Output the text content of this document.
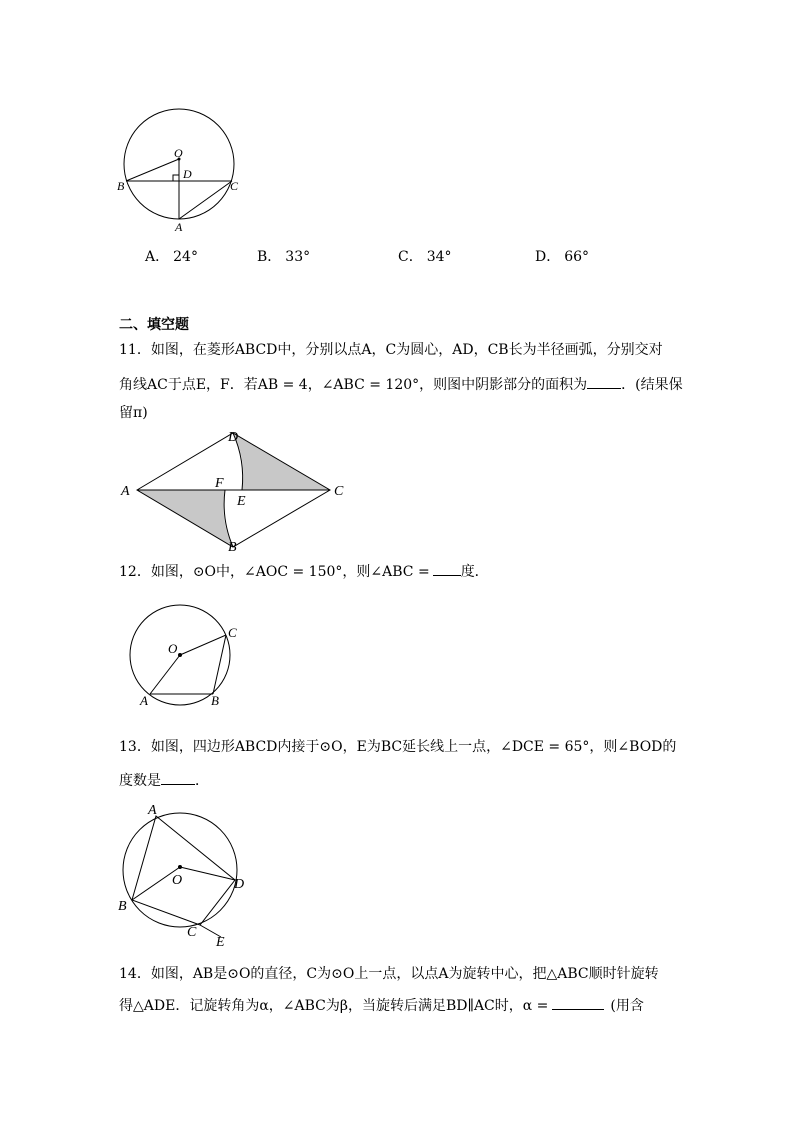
O
D
B	C
A
A． 24°	B． 33°	C． 34°	D． 66°
二、填空题
11．如图，在菱形ABCD中，分别以点A，C为圆心，AD，CB长为半径画弧，分别交对
角线AC于点E，F．若AB = 4，∠ABC = 120°，则图中阴影部分的面积为 ．(结果保
留π)
A
D
C
B
F
E
12．如图，⊙O中，∠AOC = 150°，则∠ABC = 度．
O
A	B
C
13．如图，四边形ABCD内接于⊙O，E为BC延长线上一点，∠DCE = 65°，则∠BOD的
度数是 ．
A
O	D
B
C
E
14．如图，AB是⊙O的直径，C为⊙O上一点，以点A为旋转中心，把△ABC顺时针旋转
得△ADE．记旋转角为α，∠ABC为β，当旋转后满足BD∥AC时，α =	(用含
